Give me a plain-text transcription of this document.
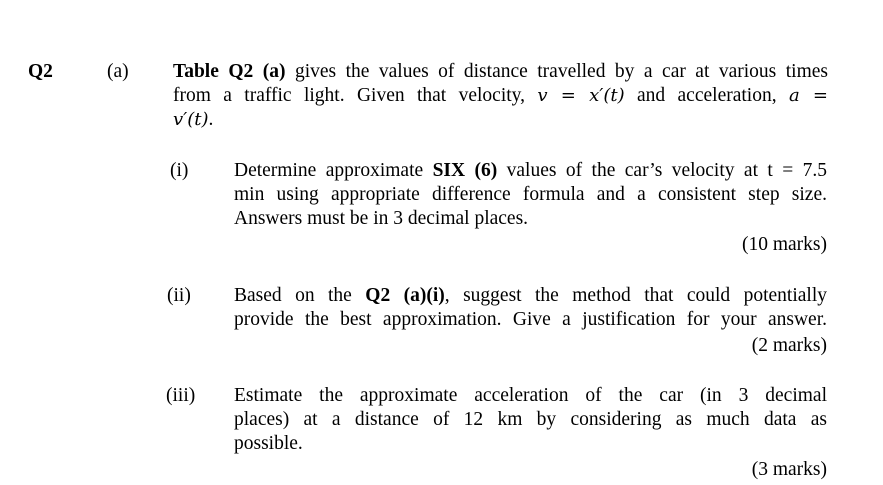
Q2	(a) Table Q2 (a) gives the values of distance travelled by a car at various times
from a traffic light. Given that velocity, v = x′(t) and acceleration, a =
v′(t).
(i) Determine approximate SIX (6) values of the car’s velocity at t = 7.5
min using appropriate difference formula and a consistent step size.
Answers must be in 3 decimal places.
(10 marks)
(ii) Based on the Q2 (a)(i), suggest the method that could potentially
provide the best approximation. Give a justification for your answer.
(2 marks)
(iii) Estimate the approximate acceleration of the car (in 3 decimal
places) at a distance of 12 km by considering as much data as
possible.
(3 marks)
